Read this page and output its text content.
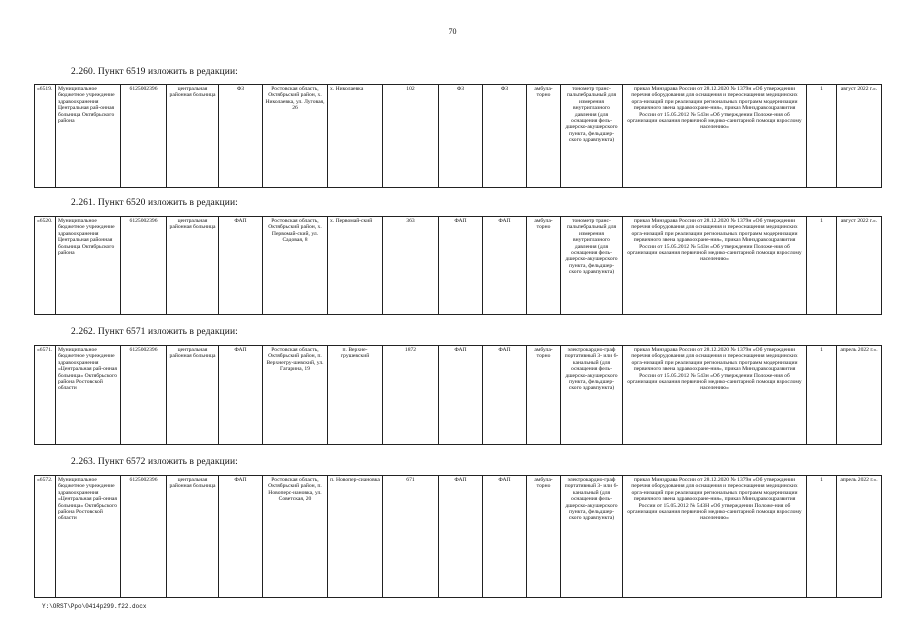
70
2.260. Пункт 6519 изложить в редакции:
«6519.	Муниципальное бюджетное учреждение здравоохранения Центральная рай-онная больница Октябрьского района	6125002396	центральная районная больница	ФЗ	Ростовская область, Октябрьский район, х. Николаевка, ул. Луговая, 26	х. Николаевка	102	ФЗ	ФЗ	амбула-торно	тонометр транс-пальпебральный для измерения внутриглазного давления (для оснащения фель-дшерско-акушерского пункта, фельдшер-ского здравпункта)	приказ Минздрава России от 28.12.2020 № 1379н «Об утверждении перечня оборудования для оснащения и переоснащения медицинских орга-низаций при реализации региональных программ модернизации первичного звена здравоохране-ния», приказ Минздравсоцразвития России от 15.05.2012 № 543н «Об утверждении Положе-ния об организации оказания первичной медико-санитарной помощи взрослому населению»	1	август 2022 г.».
2.261. Пункт 6520 изложить в редакции:
«6520.	Муниципальное бюджетное учреждение здравоохранения Центральная районная больница Октябрьского района	6125002396	центральная районная больница	ФАП	Ростовская область, Октябрьский район, х. Первомай-ский, ул. Садовая, 8	х. Первомай-ский	363	ФАП	ФАП	амбула-торно	тонометр транс-пальпебральный для измерения внутриглазного давления (для оснащения фель-дшерско-акушерского пункта, фельдшер-ского здравпункта)	приказ Минздрава России от 28.12.2020 № 1379н «Об утверждении перечня оборудования для оснащения и переоснащения медицинских орга-низаций при реализации региональных программ модернизации первичного звена здравоохране-ния», приказ Минздравсоцразвития России от 15.05.2012 № 543н «Об утверждении Положе-ния об организации оказания первичной медико-санитарной помощи взрослому населению»	1	август 2022 г.».
2.262. Пункт 6571 изложить в редакции:
«6571.	Муниципальное бюджетное учреждение здравоохранения «Центральная рай-онная больница» Октябрьского района Ростовской области	6125002396	центральная районная больница	ФАП	Ростовская область, Октябрьский район, п. Верхнегру-шевский, ул. Гагарина, 19	п. Верхне-грушевский	1872	ФАП	ФАП	амбула-торно	электрокардио-граф портативный 3- или 6-канальный (для оснащения фель-дшерско-акушерского пункта, фельдшер-ского здравпункта)	приказ Минздрава России от 28.12.2020 № 1379н «Об утверждении перечня оборудования для оснащения и переоснащения медицинских орга-низаций при реализации региональных программ модернизации первичного звена здравоохране-ния», приказ Минздравсоцразвития России от 15.05.2012 № 543н «Об утверждении Положе-ния об организации оказания первичной медико-санитарной помощи взрослому населению»	1	апрель 2022 г.».
2.263. Пункт 6572 изложить в редакции:
«6572.	Муниципальное бюджетное учреждение здравоохранения «Центральная рай-онная больница» Октябрьского района Ростовской области	6125002396	центральная районная больница	ФАП	Ростовская область, Октябрьский район, п. Новоперс-иановка, ул. Советская, 20	п. Новопер-сиановка	671	ФАП	ФАП	амбула-торно	электрокардио-граф портативный 3- или 6-канальный (для оснащения фель-дшерско-акушерского пункта, фельдшер-ского здравпункта)	приказ Минздрава России от 28.12.2020 № 1379н «Об утверждении перечня оборудования для оснащения и переоснащения медицинских орга-низаций при реализации региональных программ модернизации первичного звена здравоохране-ния», приказ Минздравсоцразвития России от 15.05.2012 № 543Н «Об утверждении Положе-ния об организации оказания первичной медико-санитарной помощи взрослому населению»	1	апрель 2022 г.».
Y:\ORST\Ppo\0414p299.f22.docx
